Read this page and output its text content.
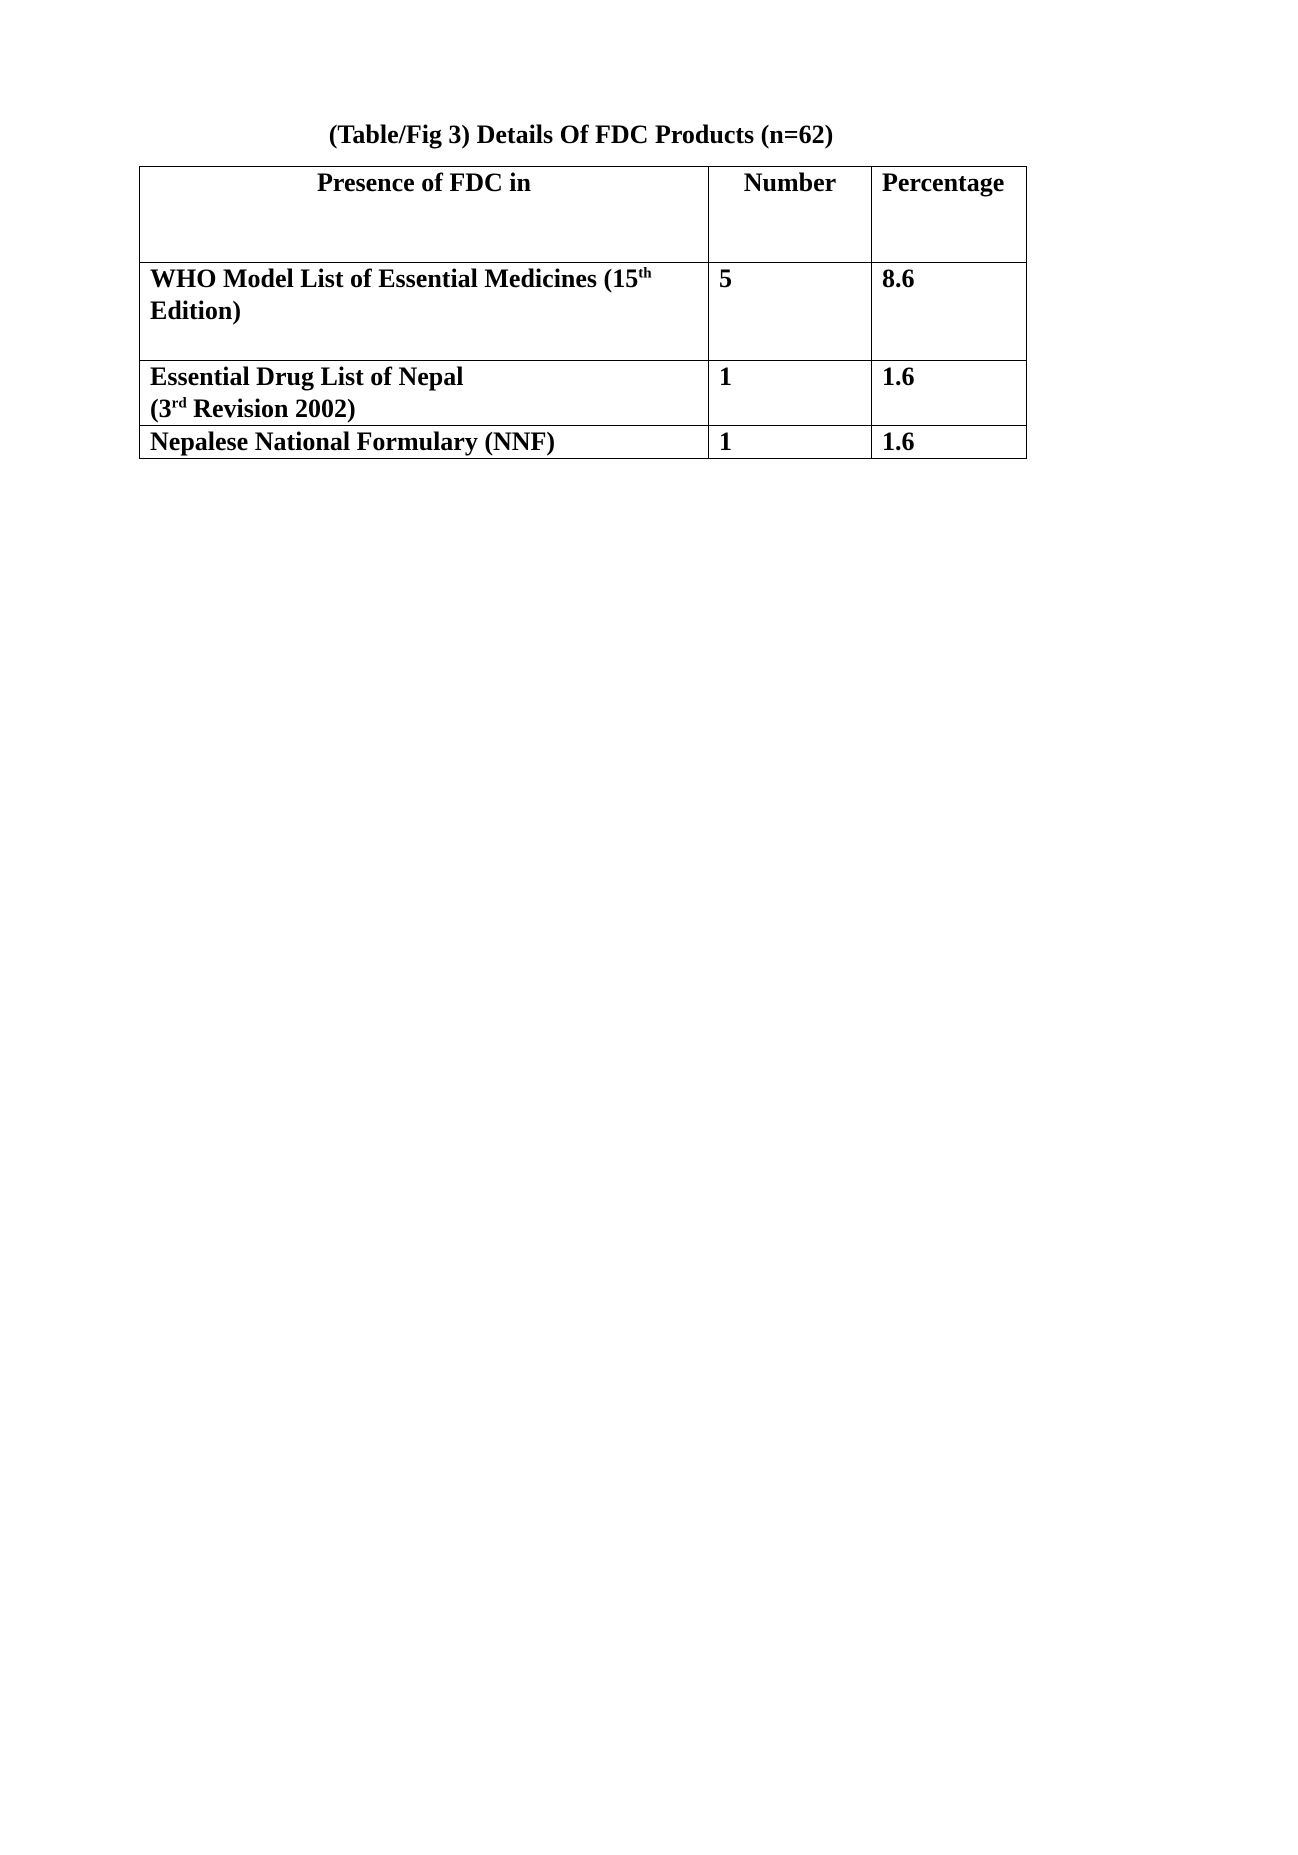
(Table/Fig 3) Details Of FDC Products (n=62)
Presence of FDC in	Number	Percentage
WHO Model List of Essential Medicines (15th
Edition)	5	8.6
Essential Drug List of Nepal
(3rd Revision 2002)	1	1.6
Nepalese National Formulary (NNF)	1	1.6
